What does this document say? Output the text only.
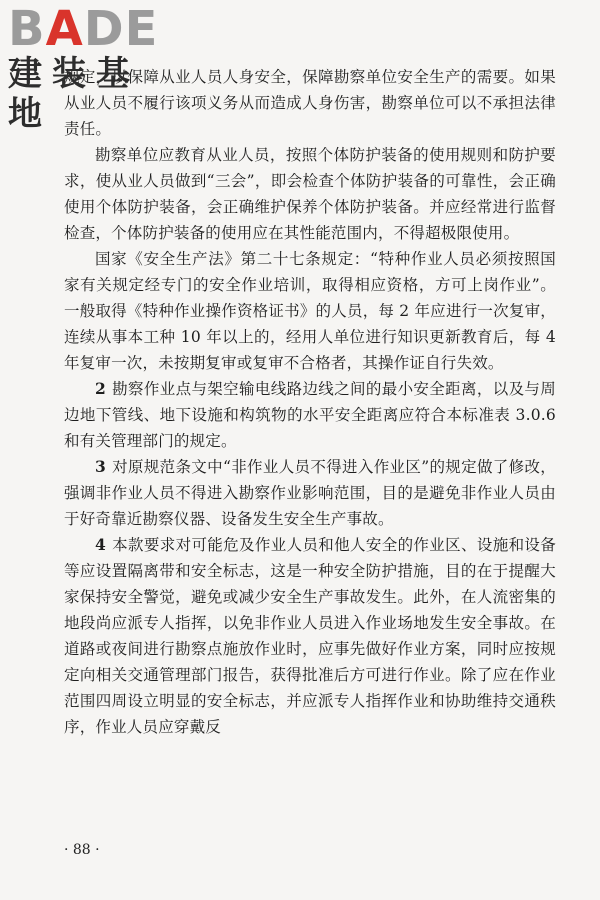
BADE
建装基地

规定，以保障从业人员人身安全，保障勘察单位安全生产的需要。如果从业人员不履行该项义务从而造成人身伤害，勘察单位可以不承担法律责任。

勘察单位应教育从业人员，按照个体防护装备的使用规则和防护要求，使从业人员做到“三会”，即会检查个体防护装备的可靠性，会正确使用个体防护装备，会正确维护保养个体防护装备。并应经常进行监督检查，个体防护装备的使用应在其性能范围内，不得超极限使用。

国家《安全生产法》第二十七条规定：“特种作业人员必须按照国家有关规定经专门的安全作业培训，取得相应资格，方可上岗作业”。一般取得《特种作业操作资格证书》的人员，每 2 年应进行一次复审，连续从事本工种 10 年以上的，经用人单位进行知识更新教育后，每 4 年复审一次，未按期复审或复审不合格者，其操作证自行失效。

2 勘察作业点与架空输电线路边线之间的最小安全距离，以及与周边地下管线、地下设施和构筑物的水平安全距离应符合本标准表 3.0.6 和有关管理部门的规定。

3 对原规范条文中“非作业人员不得进入作业区”的规定做了修改，强调非作业人员不得进入勘察作业影响范围，目的是避免非作业人员由于好奇靠近勘察仪器、设备发生安全生产事故。

4 本款要求对可能危及作业人员和他人安全的作业区、设施和设备等应设置隔离带和安全标志，这是一种安全防护措施，目的在于提醒大家保持安全警觉，避免或减少安全生产事故发生。此外，在人流密集的地段尚应派专人指挥，以免非作业人员进入作业场地发生安全事故。在道路或夜间进行勘察点施放作业时，应事先做好作业方案，同时应按规定向相关交通管理部门报告，获得批准后方可进行作业。除了应在作业范围四周设立明显的安全标志，并应派专人指挥作业和协助维持交通秩序，作业人员应穿戴反

· 88 ·
